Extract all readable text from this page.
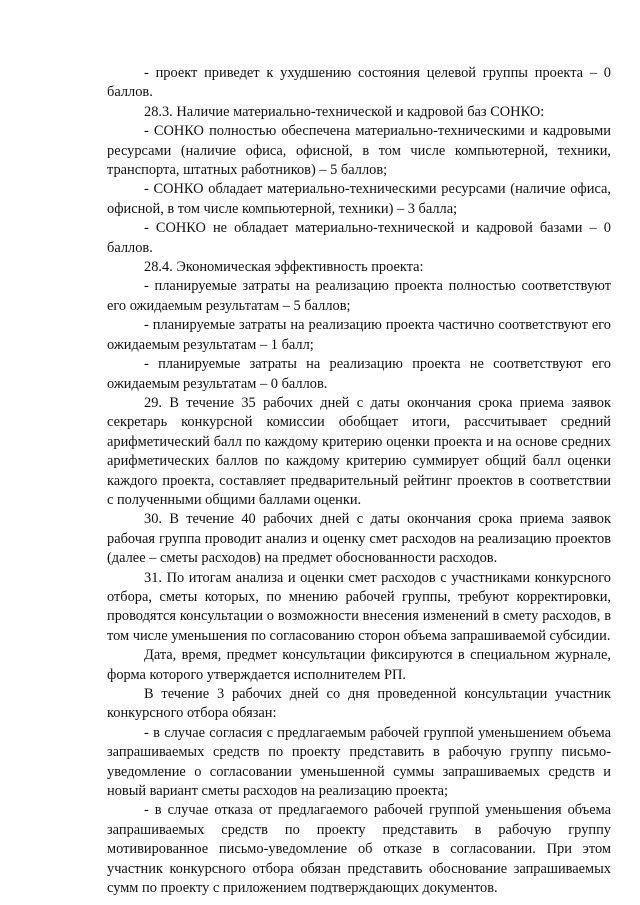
- проект приведет к ухудшению состояния целевой группы проекта – 0 баллов.

28.3. Наличие материально-технической и кадровой баз СОНКО:

- СОНКО полностью обеспечена материально-техническими и кадровыми ресурсами (наличие офиса, офисной, в том числе компьютерной, техники, транспорта, штатных работников) – 5 баллов;

- СОНКО обладает материально-техническими ресурсами (наличие офиса, офисной, в том числе компьютерной, техники) – 3 балла;

- СОНКО не обладает материально-технической и кадровой базами – 0 баллов.

28.4. Экономическая эффективность проекта:

- планируемые затраты на реализацию проекта полностью соответствуют его ожидаемым результатам – 5 баллов;

- планируемые затраты на реализацию проекта частично соответствуют его ожидаемым результатам – 1 балл;

- планируемые затраты на реализацию проекта не соответствуют его ожидаемым результатам – 0 баллов.

29. В течение 35 рабочих дней с даты окончания срока приема заявок секретарь конкурсной комиссии обобщает итоги, рассчитывает средний арифметический балл по каждому критерию оценки проекта и на основе средних арифметических баллов по каждому критерию суммирует общий балл оценки каждого проекта, составляет предварительный рейтинг проектов в соответствии с полученными общими баллами оценки.

30. В течение 40 рабочих дней с даты окончания срока приема заявок рабочая группа проводит анализ и оценку смет расходов на реализацию проектов (далее – сметы расходов) на предмет обоснованности расходов.

31. По итогам анализа и оценки смет расходов с участниками конкурсного отбора, сметы которых, по мнению рабочей группы, требуют корректировки, проводятся консультации о возможности внесения изменений в смету расходов, в том числе уменьшения по согласованию сторон объема запрашиваемой субсидии.

Дата, время, предмет консультации фиксируются в специальном журнале, форма которого утверждается исполнителем РП.

В течение 3 рабочих дней со дня проведенной консультации участник конкурсного отбора обязан:

- в случае согласия с предлагаемым рабочей группой уменьшением объема запрашиваемых средств по проекту представить в рабочую группу письмо-уведомление о согласовании уменьшенной суммы запрашиваемых средств и новый вариант сметы расходов на реализацию проекта;

- в случае отказа от предлагаемого рабочей группой уменьшения объема запрашиваемых средств по проекту представить в рабочую группу мотивированное письмо-уведомление об отказе в согласовании. При этом участник конкурсного отбора обязан представить обоснование запрашиваемых сумм по проекту с приложением подтверждающих документов.
